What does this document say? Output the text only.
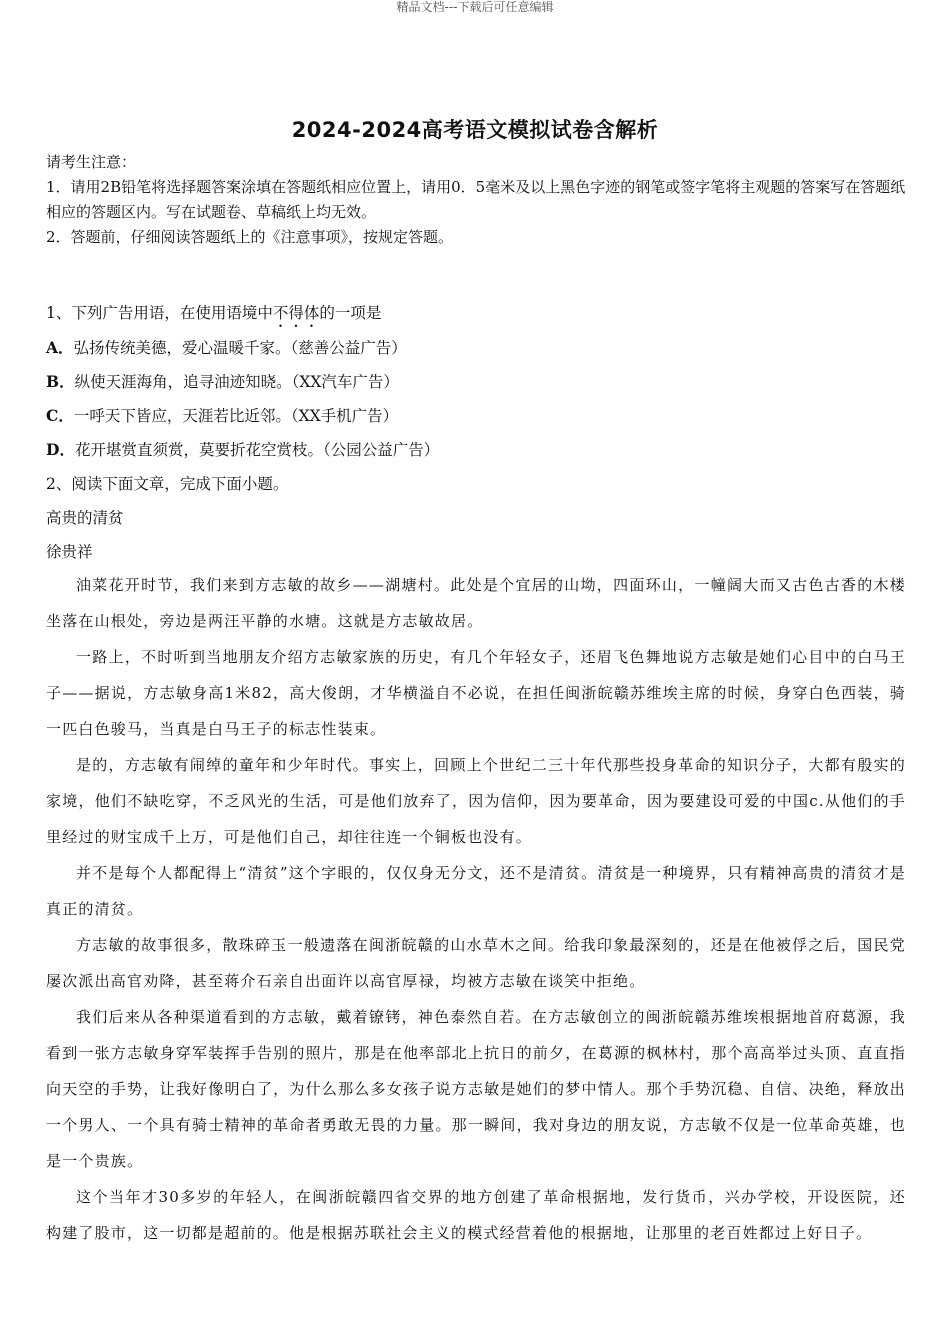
精品文档---下载后可任意编辑
2024-2024高考语文模拟试卷含解析

请考生注意：

1．请用2B铅笔将选择题答案涂填在答题纸相应位置上，请用0．5毫米及以上黑色字迹的钢笔或签字笔将主观题的答案写在答题纸相应的答题区内。写在试题卷、草稿纸上均无效。

2．答题前，仔细阅读答题纸上的《注意事项》，按规定答题。

1、下列广告用语，在使用语境中不得体的一项是

A．弘扬传统美德，爱心温暖千家。（慈善公益广告）

B．纵使天涯海角，追寻油迹知晓。（XX汽车广告）

C．一呼天下皆应，天涯若比近邻。（XX手机广告）

D．花开堪赏直须赏，莫要折花空赏枝。（公园公益广告）

2、阅读下面文章，完成下面小题。

高贵的清贫

徐贵祥

油菜花开时节，我们来到方志敏的故乡——湖塘村。此处是个宜居的山坳，四面环山，一幢阔大而又古色古香的木楼坐落在山根处，旁边是两汪平静的水塘。这就是方志敏故居。

一路上，不时听到当地朋友介绍方志敏家族的历史，有几个年轻女子，还眉飞色舞地说方志敏是她们心目中的白马王子——据说，方志敏身高1米82，高大俊朗，才华横溢自不必说，在担任闽浙皖赣苏维埃主席的时候，身穿白色西装，骑一匹白色骏马，当真是白马王子的标志性装束。

是的，方志敏有闹绰的童年和少年时代。事实上，回顾上个世纪二三十年代那些投身革命的知识分子，大都有殷实的家境，他们不缺吃穿，不乏风光的生活，可是他们放弃了，因为信仰，因为要革命，因为要建设可爱的中国c.从他们的手里经过的财宝成千上万，可是他们自己，却往往连一个铜板也没有。

并不是每个人都配得上“清贫”这个字眼的，仅仅身无分文，还不是清贫。清贫是一种境界，只有精神高贵的清贫才是真正的清贫。

方志敏的故事很多，散珠碎玉一般遗落在闽浙皖赣的山水草木之间。给我印象最深刻的，还是在他被俘之后，国民党屡次派出高官劝降，甚至蒋介石亲自出面许以高官厚禄，均被方志敏在谈笑中拒绝。

我们后来从各种渠道看到的方志敏，戴着镣铐，神色泰然自若。在方志敏创立的闽浙皖赣苏维埃根据地首府葛源，我看到一张方志敏身穿军装挥手告别的照片，那是在他率部北上抗日的前夕，在葛源的枫林村，那个高高举过头顶、直直指向天空的手势，让我好像明白了，为什么那么多女孩子说方志敏是她们的梦中情人。那个手势沉稳、自信、决绝，释放出一个男人、一个具有骑士精神的革命者勇敢无畏的力量。那一瞬间，我对身边的朋友说，方志敏不仅是一位革命英雄，也是一个贵族。

这个当年才30多岁的年轻人，在闽浙皖赣四省交界的地方创建了革命根据地，发行货币，兴办学校，开设医院，还构建了股市，这一切都是超前的。他是根据苏联社会主义的模式经营着他的根据地，让那里的老百姓都过上好日子。
